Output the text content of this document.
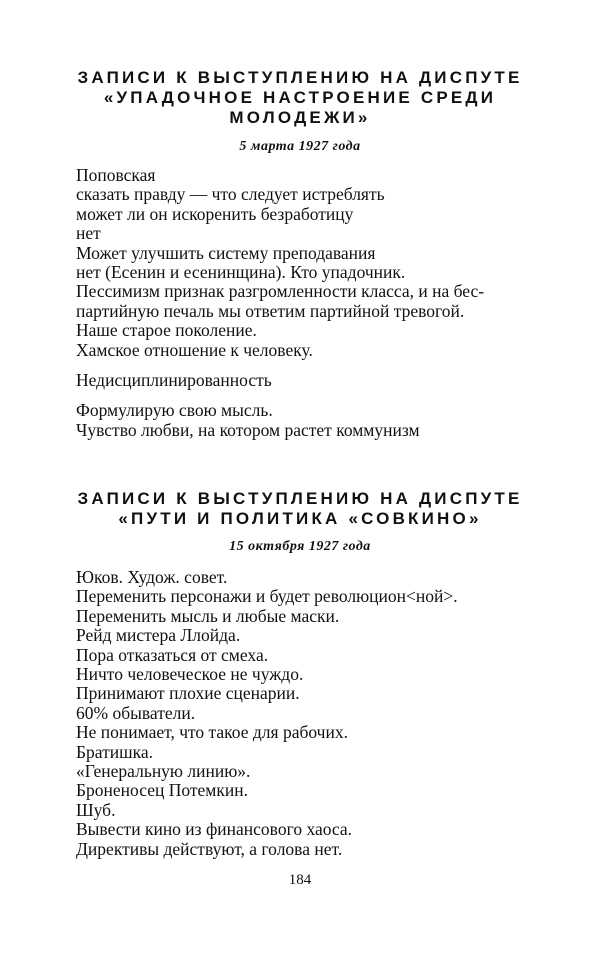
ЗАПИСИ К ВЫСТУПЛЕНИЮ НА ДИСПУТЕ
«УПАДОЧНОЕ НАСТРОЕНИЕ СРЕДИ
МОЛОДЕЖИ»

5 марта 1927 года

Поповская
сказать правду — что следует истреблять
может ли он искоренить безработицу
нет
Может улучшить систему преподавания
нет (Есенин и есенинщина). Кто упадочник.
Пессимизм признак разгромленности класса, и на бес-
партийную печаль мы ответим партийной тревогой.
Наше старое поколение.
Хамское отношение к человеку.
Недисциплинированность
Формулирую свою мысль.
Чувство любви, на котором растет коммунизм
ЗАПИСИ К ВЫСТУПЛЕНИЮ НА ДИСПУТЕ
«ПУТИ И ПОЛИТИКА «СОВКИНО»

15 октября 1927 года

Юков. Худож. совет.
Переменить персонажи и будет революцион<ной>.
Переменить мысль и любые маски.
Рейд мистера Ллойда.
Пора отказаться от смеха.
Ничто человеческое не чуждо.
Принимают плохие сценарии.
60% обыватели.
Не понимает, что такое для рабочих.
Братишка.
«Генеральную линию».
Броненосец Потемкин.
Шуб.
Вывести кино из финансового хаоса.
Директивы действуют, а голова нет.
184
